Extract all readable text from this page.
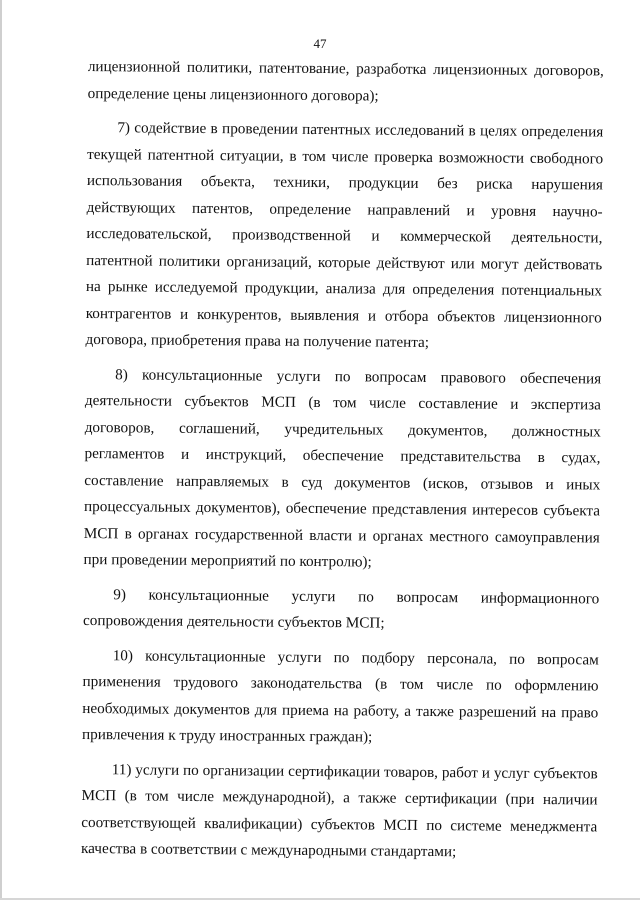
47

лицензионной политики, патентование, разработка лицензионных договоров, определение цены лицензионного договора);

7) содействие в проведении патентных исследований в целях определения текущей патентной ситуации, в том числе проверка возможности свободного использования объекта, техники, продукции без риска нарушения действующих патентов, определение направлений и уровня научно-исследовательской, производственной и коммерческой деятельности, патентной политики организаций, которые действуют или могут действовать на рынке исследуемой продукции, анализа для определения потенциальных контрагентов и конкурентов, выявления и отбора объектов лицензионного договора, приобретения права на получение патента;

8) консультационные услуги по вопросам правового обеспечения деятельности субъектов МСП (в том числе составление и экспертиза договоров, соглашений, учредительных документов, должностных регламентов и инструкций, обеспечение представительства в судах, составление направляемых в суд документов (исков, отзывов и иных процессуальных документов), обеспечение представления интересов субъекта МСП в органах государственной власти и органах местного самоуправления при проведении мероприятий по контролю);

9) консультационные услуги по вопросам информационного сопровождения деятельности субъектов МСП;

10) консультационные услуги по подбору персонала, по вопросам применения трудового законодательства (в том числе по оформлению необходимых документов для приема на работу, а также разрешений на право привлечения к труду иностранных граждан);

11) услуги по организации сертификации товаров, работ и услуг субъектов МСП (в том числе международной), а также сертификации (при наличии соответствующей квалификации) субъектов МСП по системе менеджмента качества в соответствии с международными стандартами;
